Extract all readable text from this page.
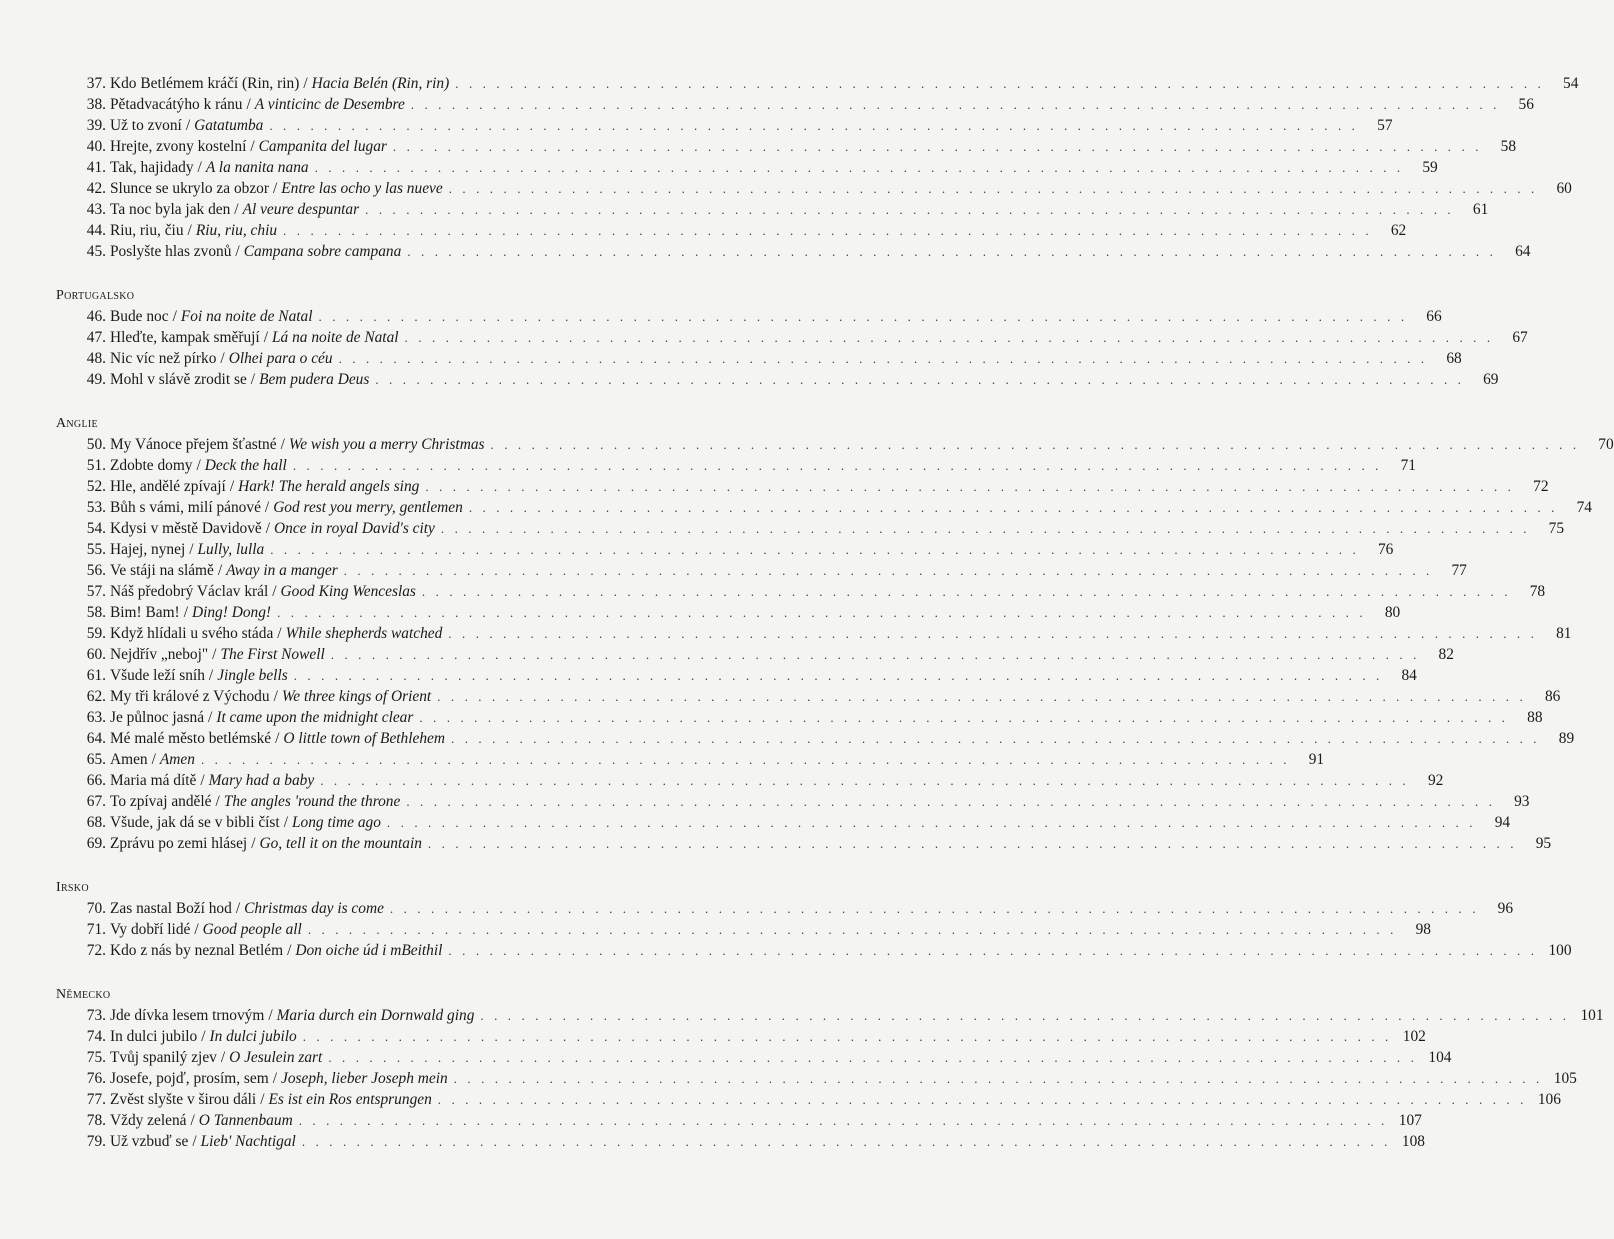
37. Kdo Betlémem kráčí (Rin, rin) / Hacia Belén (Rin, rin) . . . . . . . . . . . . . . . . . . . . . . . . . . . . . . . . . . . . . . . . . . . . . . . . . . . . . . . . . . . . . . . . . . . . . . . . . . . . . . . .	54
38. Pětadvacátýho k ránu / A vinticinc de Desembre . . . . . . . . . . . . . . . . . . . . . . . . . . . . . . . . . . . . . . . . . . . . . . . . . . . . . . . . . . . . . . . . . . . . . . . . . . . . . . . .	56
39. Už to zvoní / Gatatumba . . . . . . . . . . . . . . . . . . . . . . . . . . . . . . . . . . . . . . . . . . . . . . . . . . . . . . . . . . . . . . . . . . . . . . . . . . . . . . . .	57
40. Hrejte, zvony kostelní / Campanita del lugar . . . . . . . . . . . . . . . . . . . . . . . . . . . . . . . . . . . . . . . . . . . . . . . . . . . . . . . . . . . . . . . . . . . . . . . . . . . . . . . .	58
41. Tak, hajidady / A la nanita nana . . . . . . . . . . . . . . . . . . . . . . . . . . . . . . . . . . . . . . . . . . . . . . . . . . . . . . . . . . . . . . . . . . . . . . . . . . . . . . . .	59
42. Slunce se ukrylo za obzor / Entre las ocho y las nueve . . . . . . . . . . . . . . . . . . . . . . . . . . . . . . . . . . . . . . . . . . . . . . . . . . . . . . . . . . . . . . . . . . . . . . . . . . . . . . . .	60
43. Ta noc byla jak den / Al veure despuntar . . . . . . . . . . . . . . . . . . . . . . . . . . . . . . . . . . . . . . . . . . . . . . . . . . . . . . . . . . . . . . . . . . . . . . . . . . . . . . . .	61
44. Riu, riu, čiu / Riu, riu, chiu . . . . . . . . . . . . . . . . . . . . . . . . . . . . . . . . . . . . . . . . . . . . . . . . . . . . . . . . . . . . . . . . . . . . . . . . . . . . . . . .	62
45. Poslyšte hlas zvonů / Campana sobre campana . . . . . . . . . . . . . . . . . . . . . . . . . . . . . . . . . . . . . . . . . . . . . . . . . . . . . . . . . . . . . . . . . . . . . . . . . . . . . . . .	64
Portugalsko
46. Bude noc / Foi na noite de Natal . . . . . . . . . . . . . . . . . . . . . . . . . . . . . . . . . . . . . . . . . . . . . . . . . . . . . . . . . . . . . . . . . . . . . . . . . . . . . . . .	66
47. Hleďte, kampak směřují / Lá na noite de Natal . . . . . . . . . . . . . . . . . . . . . . . . . . . . . . . . . . . . . . . . . . . . . . . . . . . . . . . . . . . . . . . . . . . . . . . . . . . . . . . .	67
48. Nic víc než pírko / Olhei para o céu . . . . . . . . . . . . . . . . . . . . . . . . . . . . . . . . . . . . . . . . . . . . . . . . . . . . . . . . . . . . . . . . . . . . . . . . . . . . . . . .	68
49. Mohl v slávě zrodit se / Bem pudera Deus . . . . . . . . . . . . . . . . . . . . . . . . . . . . . . . . . . . . . . . . . . . . . . . . . . . . . . . . . . . . . . . . . . . . . . . . . . . . . . . .	69
Anglie
50. My Vánoce přejem šťastné / We wish you a merry Christmas . . . . . . . . . . . . . . . . . . . . . . . . . . . . . . . . . . . . . . . . . . . . . . . . . . . . . . . . . . . . . . . . . . . . . . . . . . . . . . . .	70
51. Zdobte domy / Deck the hall . . . . . . . . . . . . . . . . . . . . . . . . . . . . . . . . . . . . . . . . . . . . . . . . . . . . . . . . . . . . . . . . . . . . . . . . . . . . . . . .	71
52. Hle, andělé zpívají / Hark! The herald angels sing . . . . . . . . . . . . . . . . . . . . . . . . . . . . . . . . . . . . . . . . . . . . . . . . . . . . . . . . . . . . . . . . . . . . . . . . . . . . . . . .	72
53. Bůh s vámi, milí pánové / God rest you merry, gentlemen . . . . . . . . . . . . . . . . . . . . . . . . . . . . . . . . . . . . . . . . . . . . . . . . . . . . . . . . . . . . . . . . . . . . . . . . . . . . . . . .	74
54. Kdysi v městě Davidově / Once in royal David's city . . . . . . . . . . . . . . . . . . . . . . . . . . . . . . . . . . . . . . . . . . . . . . . . . . . . . . . . . . . . . . . . . . . . . . . . . . . . . . . .	75
55. Hajej, nynej / Lully, lulla . . . . . . . . . . . . . . . . . . . . . . . . . . . . . . . . . . . . . . . . . . . . . . . . . . . . . . . . . . . . . . . . . . . . . . . . . . . . . . . .	76
56. Ve stáji na slámě / Away in a manger . . . . . . . . . . . . . . . . . . . . . . . . . . . . . . . . . . . . . . . . . . . . . . . . . . . . . . . . . . . . . . . . . . . . . . . . . . . . . . . .	77
57. Náš předobrý Václav král / Good King Wenceslas . . . . . . . . . . . . . . . . . . . . . . . . . . . . . . . . . . . . . . . . . . . . . . . . . . . . . . . . . . . . . . . . . . . . . . . . . . . . . . . .	78
58. Bim! Bam! / Ding! Dong! . . . . . . . . . . . . . . . . . . . . . . . . . . . . . . . . . . . . . . . . . . . . . . . . . . . . . . . . . . . . . . . . . . . . . . . . . . . . . . . .	80
59. Když hlídali u svého stáda / While shepherds watched . . . . . . . . . . . . . . . . . . . . . . . . . . . . . . . . . . . . . . . . . . . . . . . . . . . . . . . . . . . . . . . . . . . . . . . . . . . . . . . .	81
60. Nejdřív „neboj" / The First Nowell . . . . . . . . . . . . . . . . . . . . . . . . . . . . . . . . . . . . . . . . . . . . . . . . . . . . . . . . . . . . . . . . . . . . . . . . . . . . . . . .	82
61. Všude leží sníh / Jingle bells . . . . . . . . . . . . . . . . . . . . . . . . . . . . . . . . . . . . . . . . . . . . . . . . . . . . . . . . . . . . . . . . . . . . . . . . . . . . . . . .	84
62. My tři králové z Východu / We three kings of Orient . . . . . . . . . . . . . . . . . . . . . . . . . . . . . . . . . . . . . . . . . . . . . . . . . . . . . . . . . . . . . . . . . . . . . . . . . . . . . . . .	86
63. Je půlnoc jasná / It came upon the midnight clear . . . . . . . . . . . . . . . . . . . . . . . . . . . . . . . . . . . . . . . . . . . . . . . . . . . . . . . . . . . . . . . . . . . . . . . . . . . . . . . .	88
64. Mé malé město betlémské / O little town of Bethlehem . . . . . . . . . . . . . . . . . . . . . . . . . . . . . . . . . . . . . . . . . . . . . . . . . . . . . . . . . . . . . . . . . . . . . . . . . . . . . . . .	89
65. Amen / Amen . . . . . . . . . . . . . . . . . . . . . . . . . . . . . . . . . . . . . . . . . . . . . . . . . . . . . . . . . . . . . . . . . . . . . . . . . . . . . . . .	91
66. Maria má dítě / Mary had a baby . . . . . . . . . . . . . . . . . . . . . . . . . . . . . . . . . . . . . . . . . . . . . . . . . . . . . . . . . . . . . . . . . . . . . . . . . . . . . . . .	92
67. To zpívaj andělé / The angles 'round the throne . . . . . . . . . . . . . . . . . . . . . . . . . . . . . . . . . . . . . . . . . . . . . . . . . . . . . . . . . . . . . . . . . . . . . . . . . . . . . . . .	93
68. Všude, jak dá se v bibli číst / Long time ago . . . . . . . . . . . . . . . . . . . . . . . . . . . . . . . . . . . . . . . . . . . . . . . . . . . . . . . . . . . . . . . . . . . . . . . . . . . . . . . .	94
69. Zprávu po zemi hlásej / Go, tell it on the mountain . . . . . . . . . . . . . . . . . . . . . . . . . . . . . . . . . . . . . . . . . . . . . . . . . . . . . . . . . . . . . . . . . . . . . . . . . . . . . . . .	95
Irsko
70. Zas nastal Boží hod / Christmas day is come . . . . . . . . . . . . . . . . . . . . . . . . . . . . . . . . . . . . . . . . . . . . . . . . . . . . . . . . . . . . . . . . . . . . . . . . . . . . . . . .	96
71. Vy dobří lidé / Good people all . . . . . . . . . . . . . . . . . . . . . . . . . . . . . . . . . . . . . . . . . . . . . . . . . . . . . . . . . . . . . . . . . . . . . . . . . . . . . . . .	98
72. Kdo z nás by neznal Betlém / Don oiche úd i mBeithil . . . . . . . . . . . . . . . . . . . . . . . . . . . . . . . . . . . . . . . . . . . . . . . . . . . . . . . . . . . . . . . . . . . . . . . . . . . . . . . . 100
Německo
73. Jde dívka lesem trnovým / Maria durch ein Dornwald ging . . . . . . . . . . . . . . . . . . . . . . . . . . . . . . . . . . . . . . . . . . . . . . . . . . . . . . . . . . . . . . . . . . . . . . . . . . . . . . . . 101
74. In dulci jubilo / In dulci jubilo . . . . . . . . . . . . . . . . . . . . . . . . . . . . . . . . . . . . . . . . . . . . . . . . . . . . . . . . . . . . . . . . . . . . . . . . . . . . . . . . 102
75. Tvůj spanilý zjev / O Jesulein zart . . . . . . . . . . . . . . . . . . . . . . . . . . . . . . . . . . . . . . . . . . . . . . . . . . . . . . . . . . . . . . . . . . . . . . . . . . . . . . . . 104
76. Josefe, pojď, prosím, sem / Joseph, lieber Joseph mein . . . . . . . . . . . . . . . . . . . . . . . . . . . . . . . . . . . . . . . . . . . . . . . . . . . . . . . . . . . . . . . . . . . . . . . . . . . . . . . . 105
77. Zvěst slyšte v širou dáli / Es ist ein Ros entsprungen . . . . . . . . . . . . . . . . . . . . . . . . . . . . . . . . . . . . . . . . . . . . . . . . . . . . . . . . . . . . . . . . . . . . . . . . . . . . . . . . 106
78. Vždy zelená / O Tannenbaum . . . . . . . . . . . . . . . . . . . . . . . . . . . . . . . . . . . . . . . . . . . . . . . . . . . . . . . . . . . . . . . . . . . . . . . . . . . . . . . . 107
79. Už vzbuď se / Lieb' Nachtigal . . . . . . . . . . . . . . . . . . . . . . . . . . . . . . . . . . . . . . . . . . . . . . . . . . . . . . . . . . . . . . . . . . . . . . . . . . . . . . . . 108
